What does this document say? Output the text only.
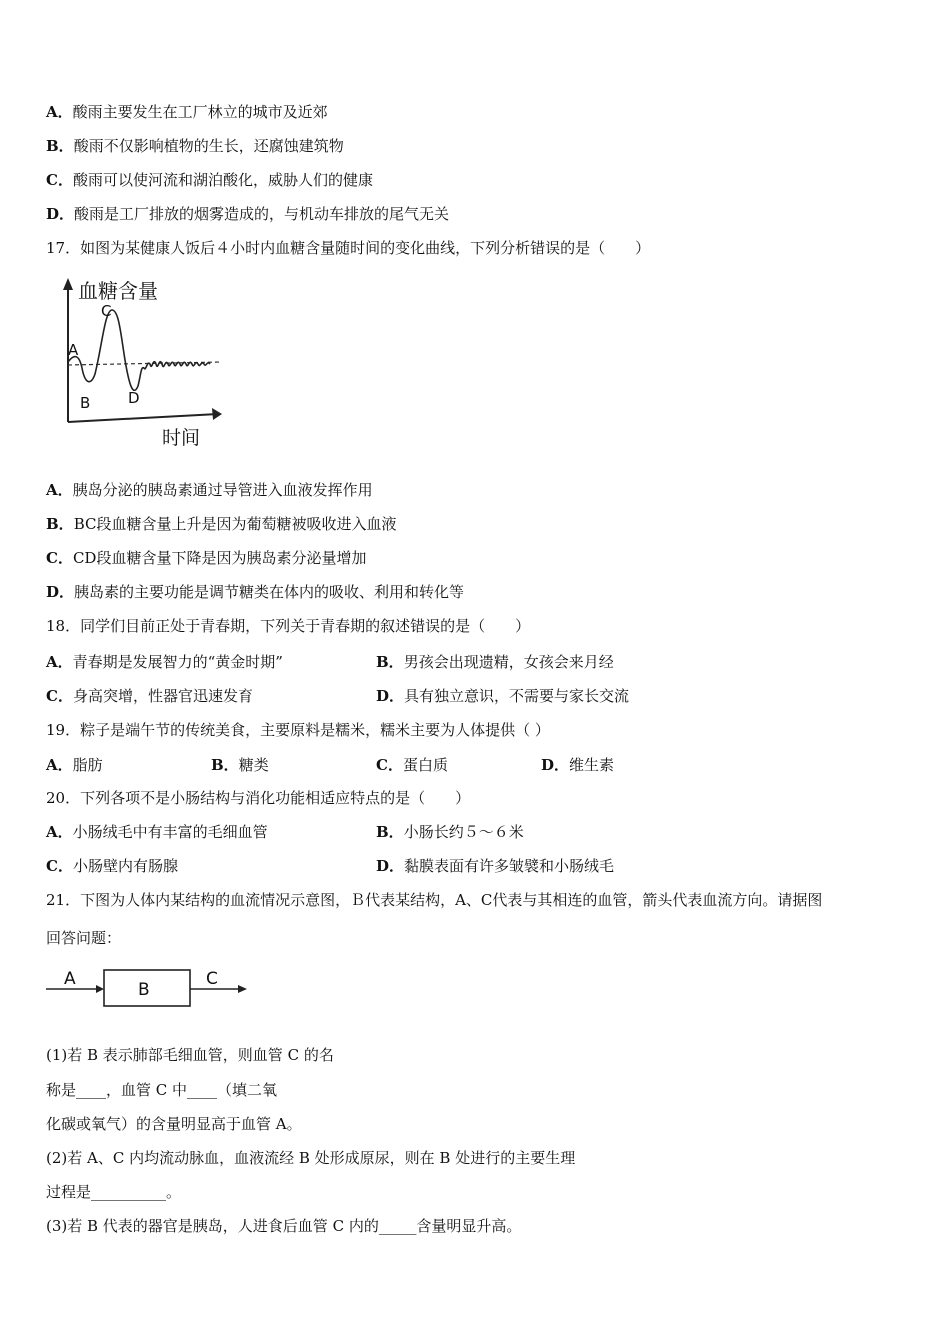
A．酸雨主要发生在工厂林立的城市及近郊
B．酸雨不仅影响植物的生长，还腐蚀建筑物
C．酸雨可以使河流和湖泊酸化，威胁人们的健康
D．酸雨是工厂排放的烟雾造成的，与机动车排放的尾气无关
17．如图为某健康人饭后４小时内血糖含量随时间的变化曲线，下列分析错误的是（　　）
血糖含量
时间
A
B
C
D
A．胰岛分泌的胰岛素通过导管进入血液发挥作用
B．BC段血糖含量上升是因为葡萄糖被吸收进入血液
C．CD段血糖含量下降是因为胰岛素分泌量增加
D．胰岛素的主要功能是调节糖类在体内的吸收、利用和转化等
18．同学们目前正处于青春期，下列关于青春期的叙述错误的是（　　）
A．青春期是发展智力的“黄金时期”	B．男孩会出现遗精，女孩会来月经
C．身高突增，性器官迅速发育	D．具有独立意识，不需要与家长交流
19．粽子是端午节的传统美食，主要原料是糯米，糯米主要为人体提供（ ）
A．脂肪	B．糖类	C．蛋白质	D．维生素
20．下列各项不是小肠结构与消化功能相适应特点的是（　　）
A．小肠绒毛中有丰富的毛细血管	B．小肠长约５～６米
C．小肠壁内有肠腺	D．黏膜表面有许多皱襞和小肠绒毛
21．下图为人体内某结构的血流情况示意图，Ｂ代表某结构，A、C代表与其相连的血管，箭头代表血流方向。请据图
回答问题：
A
B
C
(1)若 B 表示肺部毛细血管，则血管 C 的名
称是____，血管 C 中____（填二氧
化碳或氧气）的含量明显高于血管 A。
(2)若 A、C 内均流动脉血，血液流经 B 处形成原尿，则在 B 处进行的主要生理
过程是__________。
(3)若 B 代表的器官是胰岛，人进食后血管 C 内的_____含量明显升高。
